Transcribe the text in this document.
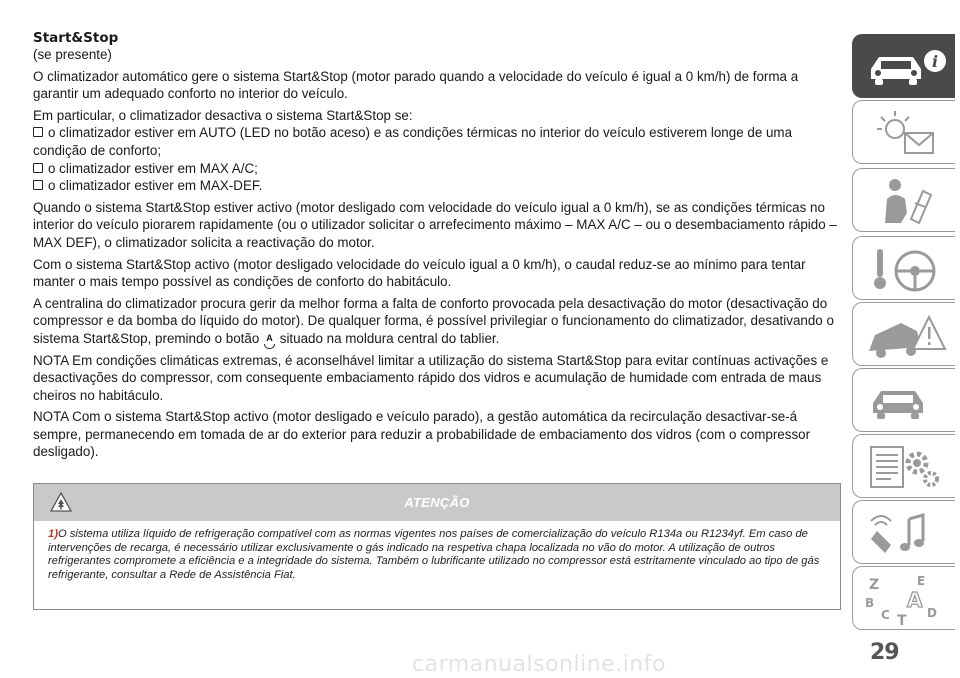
Start&Stop
(se presente)
O climatizador automático gere o sistema Start&Stop (motor parado quando a velocidade do veículo é igual a 0 km/h) de forma a garantir um adequado conforto no interior do veículo.
Em particular, o climatizador desactiva o sistema Start&Stop se:
o climatizador estiver em AUTO (LED no botão aceso) e as condições térmicas no interior do veículo estiverem longe de uma condição de conforto;
o climatizador estiver em MAX A/C;
o climatizador estiver em MAX-DEF.
Quando o sistema Start&Stop estiver activo (motor desligado com velocidade do veículo igual a 0 km/h), se as condições térmicas no interior do veículo piorarem rapidamente (ou o utilizador solicitar o arrefecimento máximo – MAX A/C – ou o desembaciamento rápido – MAX DEF), o climatizador solicita a reactivação do motor.
Com o sistema Start&Stop activo (motor desligado velocidade do veículo igual a 0 km/h), o caudal reduz-se ao mínimo para tentar manter o mais tempo possível as condições de conforto do habitáculo.
A centralina do climatizador procura gerir da melhor forma a falta de conforto provocada pela desactivação do motor (desactivação do compressor e da bomba do líquido do motor). De qualquer forma, é possível privilegiar o funcionamento do climatizador, desativando o sistema Start&Stop, premindo o botão A situado na moldura central do tablier.
NOTA Em condições climáticas extremas, é aconselhável limitar a utilização do sistema Start&Stop para evitar contínuas activações e desactivações do compressor, com consequente embaciamento rápido dos vidros e acumulação de humidade com entrada de maus cheiros no habitáculo.
NOTA Com o sistema Start&Stop activo (motor desligado e veículo parado), a gestão automática da recirculação desactivar-se-á sempre, permanecendo em tomada de ar do exterior para reduzir a probabilidade de embaciamento dos vidros (com o compressor desligado).
ATENÇÃO
1)O sistema utiliza líquido de refrigeração compatível com as normas vigentes nos países de comercialização do veículo R134a ou R1234yf. Em caso de intervenções de recarga, é necessário utilizar exclusivamente o gás indicado na respetiva chapa localizada no vão do motor. A utilização de outros refrigerantes compromete a eficiência e a integridade do sistema. Também o lubrificante utilizado no compressor está estritamente vinculado ao tipo de gás refrigerante, consultar a Rede de Assistência Fiat.
i
Z	E
B A
C	D
T
29
carmanualsonline.info
